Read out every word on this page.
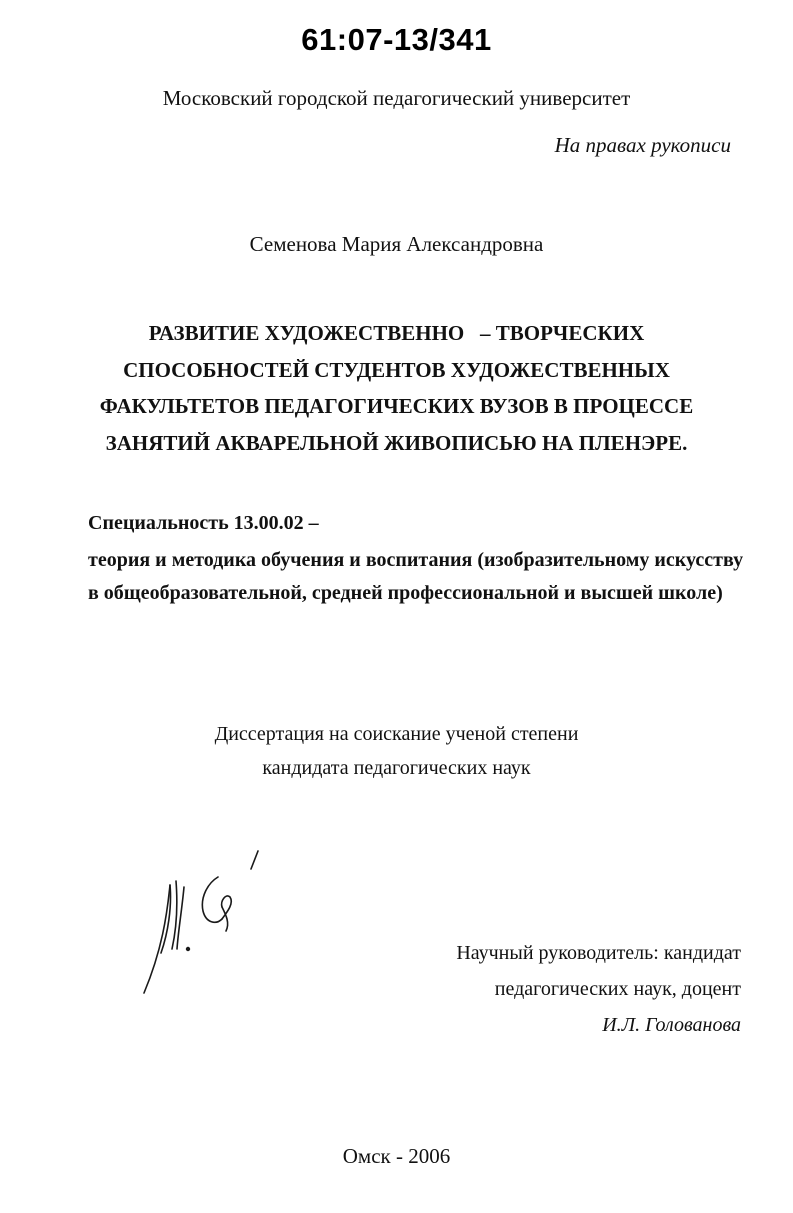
61:07-13/341
Московский городской педагогический университет
На правах рукописи
Семенова Мария Александровна
РАЗВИТИЕ ХУДОЖЕСТВЕННО   – ТВОРЧЕСКИХ
СПОСОБНОСТЕЙ СТУДЕНТОВ ХУДОЖЕСТВЕННЫХ
ФАКУЛЬТЕТОВ ПЕДАГОГИЧЕСКИХ ВУЗОВ В ПРОЦЕССЕ
ЗАНЯТИЙ АКВАРЕЛЬНОЙ ЖИВОПИСЬЮ НА ПЛЕНЭРЕ.
Специальность 13.00.02 –
теория и методика обучения и воспитания (изобразительному искусству
в общеобразовательной, средней профессиональной и высшей школе)
Диссертация на соискание ученой степени
кандидата педагогических наук
Научный руководитель: кандидат
педагогических наук, доцент
И.Л. Голованова
Омск - 2006
